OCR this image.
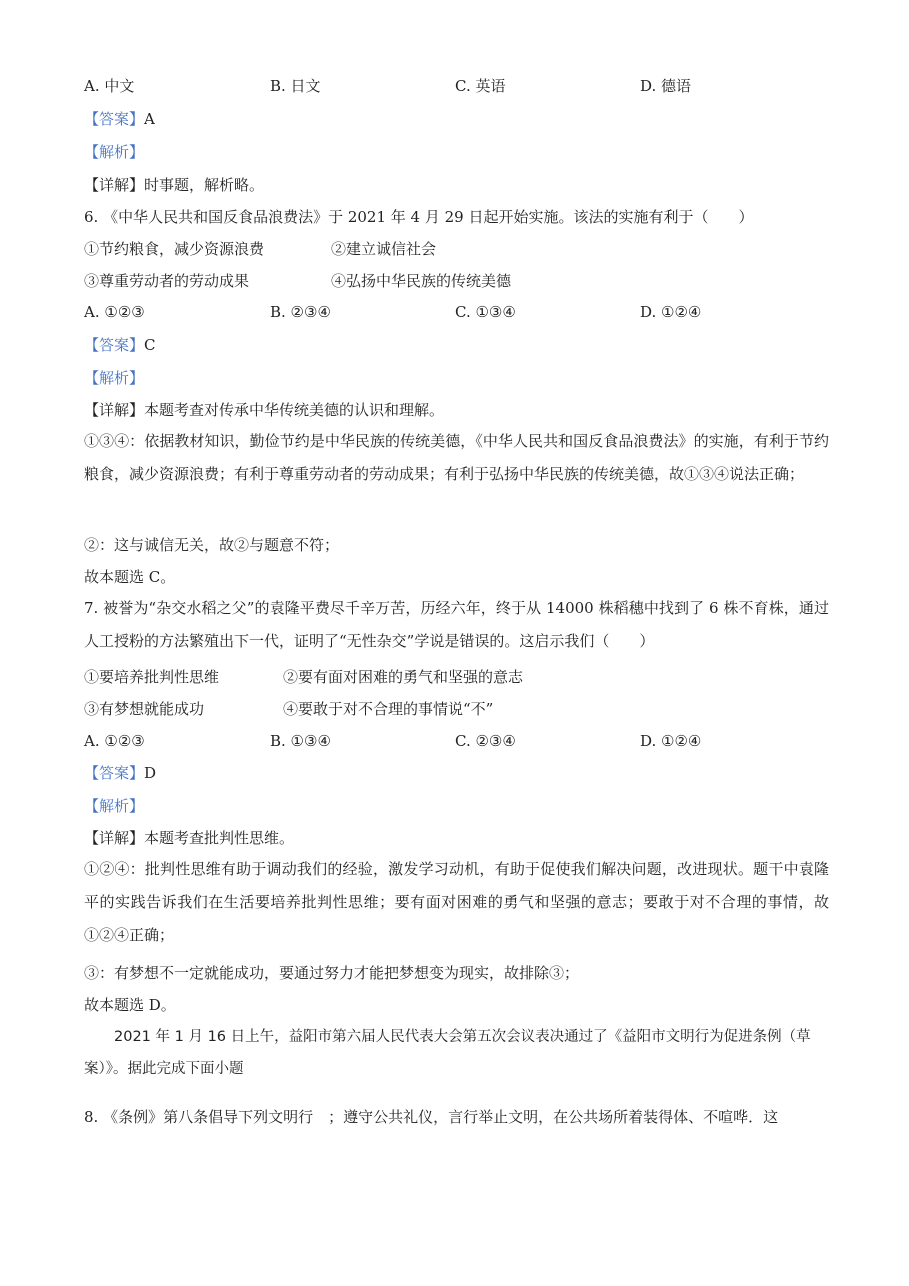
A. 中文	B. 日文	C. 英语	D. 德语
【答案】A
【解析】
【详解】时事题，解析略。
6. 《中华人民共和国反食品浪费法》于 2021 年 4 月 29 日起开始实施。该法的实施有利于（　　）
①节约粮食，减少资源浪费	②建立诚信社会
③尊重劳动者的劳动成果	④弘扬中华民族的传统美德
A. ①②③	B. ②③④	C. ①③④	D. ①②④
【答案】C
【解析】
【详解】本题考查对传承中华传统美德的认识和理解。
①③④：依据教材知识，勤俭节约是中华民族的传统美德，《中华人民共和国反食品浪费法》的实施，有利于节约粮食，减少资源浪费；有利于尊重劳动者的劳动成果；有利于弘扬中华民族的传统美德，故①③④说法正确；
②：这与诚信无关，故②与题意不符；
故本题选 C。
7. 被誉为“杂交水稻之父”的袁隆平费尽千辛万苦，历经六年，终于从 14000 株稻穗中找到了 6 株不育株，通过人工授粉的方法繁殖出下一代，证明了“无性杂交”学说是错误的。这启示我们（　　）
①要培养批判性思维	②要有面对困难的勇气和坚强的意志
③有梦想就能成功	④要敢于对不合理的事情说“不”
A. ①②③	B. ①③④	C. ②③④	D. ①②④
【答案】D
【解析】
【详解】本题考查批判性思维。
①②④：批判性思维有助于调动我们的经验，激发学习动机，有助于促使我们解决问题，改进现状。题干中袁隆平的实践告诉我们在生活要培养批判性思维；要有面对困难的勇气和坚强的意志；要敢于对不合理的事情，故①②④正确；
③：有梦想不一定就能成功，要通过努力才能把梦想变为现实，故排除③；
故本题选 D。
2021 年 1 月 16 日上午，益阳市第六届人民代表大会第五次会议表决通过了《益阳市文明行为促进条例（草案）》。据此完成下面小题
8. 《条例》第八条倡导下列文明行　；遵守公共礼仪，言行举止文明，在公共场所着装得体、不喧哗．这
